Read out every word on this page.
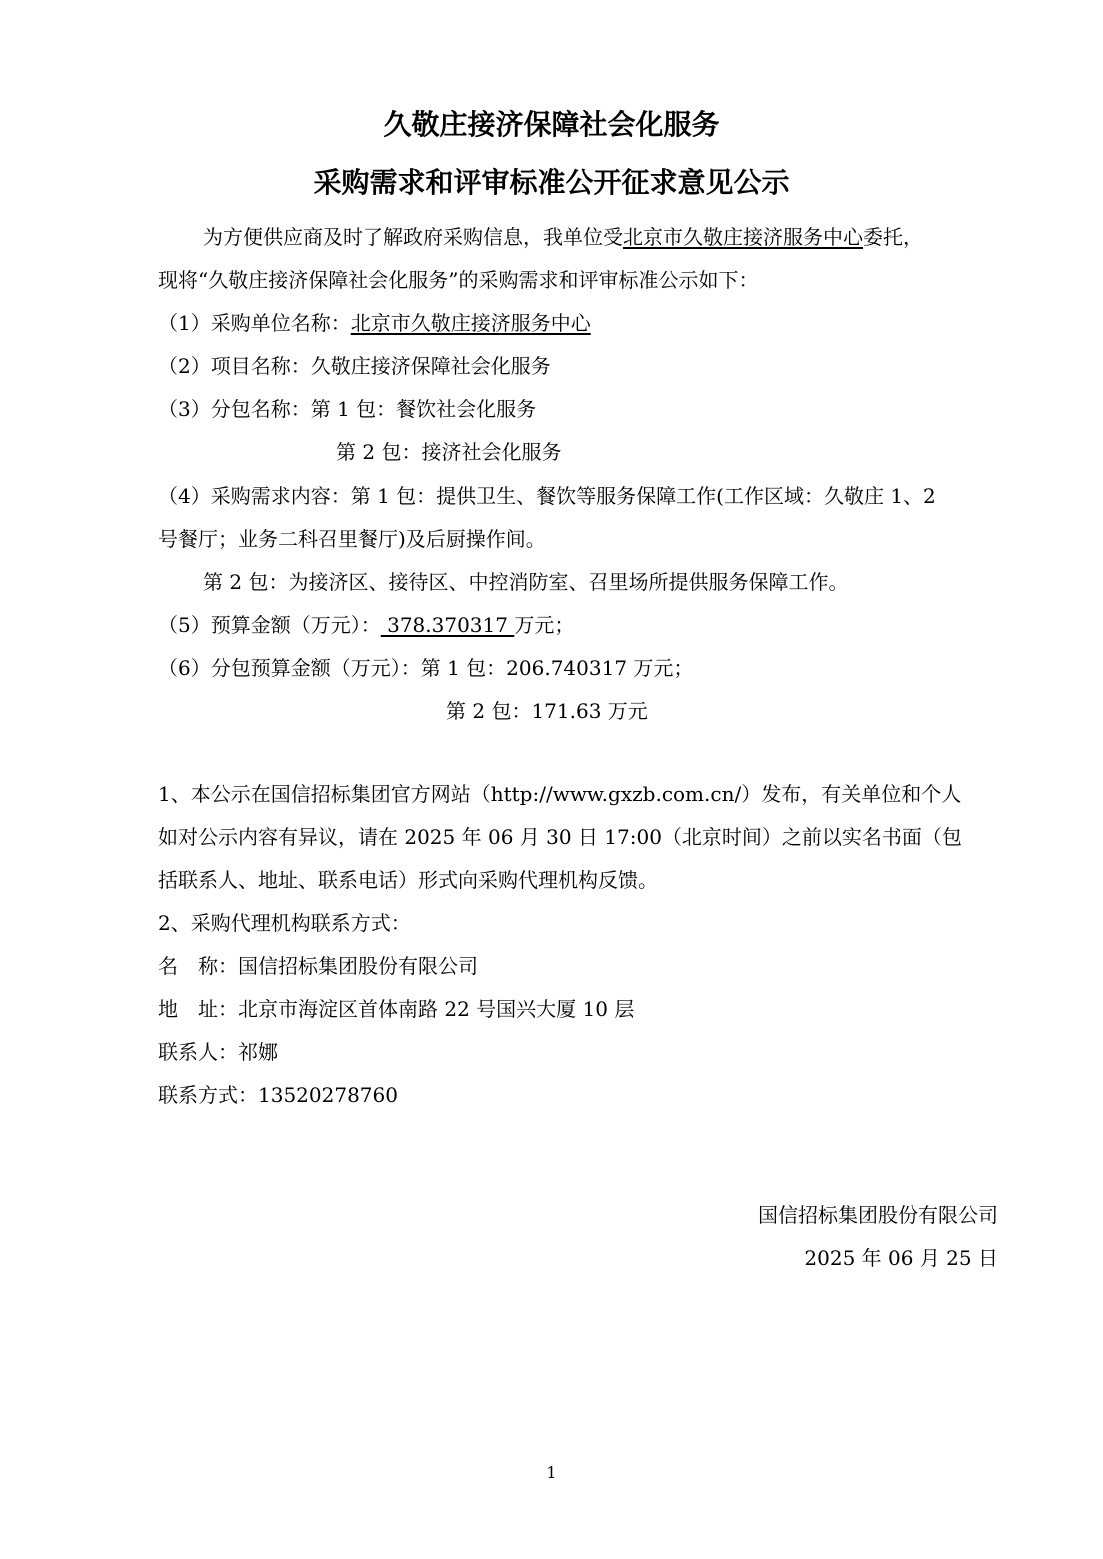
久敬庄接济保障社会化服务
采购需求和评审标准公开征求意见公示
为方便供应商及时了解政府采购信息，我单位受北京市久敬庄接济服务中心委托，
现将“久敬庄接济保障社会化服务”的采购需求和评审标准公示如下：
（1）采购单位名称：北京市久敬庄接济服务中心
（2）项目名称：久敬庄接济保障社会化服务
（3）分包名称：第 1 包：餐饮社会化服务
第 2 包：接济社会化服务
（4）采购需求内容：第 1 包：提供卫生、餐饮等服务保障工作(工作区域：久敬庄 1、2
号餐厅；业务二科召里餐厅)及后厨操作间。
第 2 包：为接济区、接待区、中控消防室、召里场所提供服务保障工作。
（5）预算金额（万元）： 378.370317 万元；
（6）分包预算金额（万元）：第 1 包：206.740317 万元；
第 2 包：171.63 万元
1、本公示在国信招标集团官方网站（http://www.gxzb.com.cn/）发布，有关单位和个人
如对公示内容有异议，请在 2025 年 06 月 30 日 17:00（北京时间）之前以实名书面（包
括联系人、地址、联系电话）形式向采购代理机构反馈。
2、采购代理机构联系方式：
名　称：国信招标集团股份有限公司
地　址：北京市海淀区首体南路 22 号国兴大厦 10 层
联系人：祁娜
联系方式：13520278760
国信招标集团股份有限公司
2025 年 06 月 25 日
1
